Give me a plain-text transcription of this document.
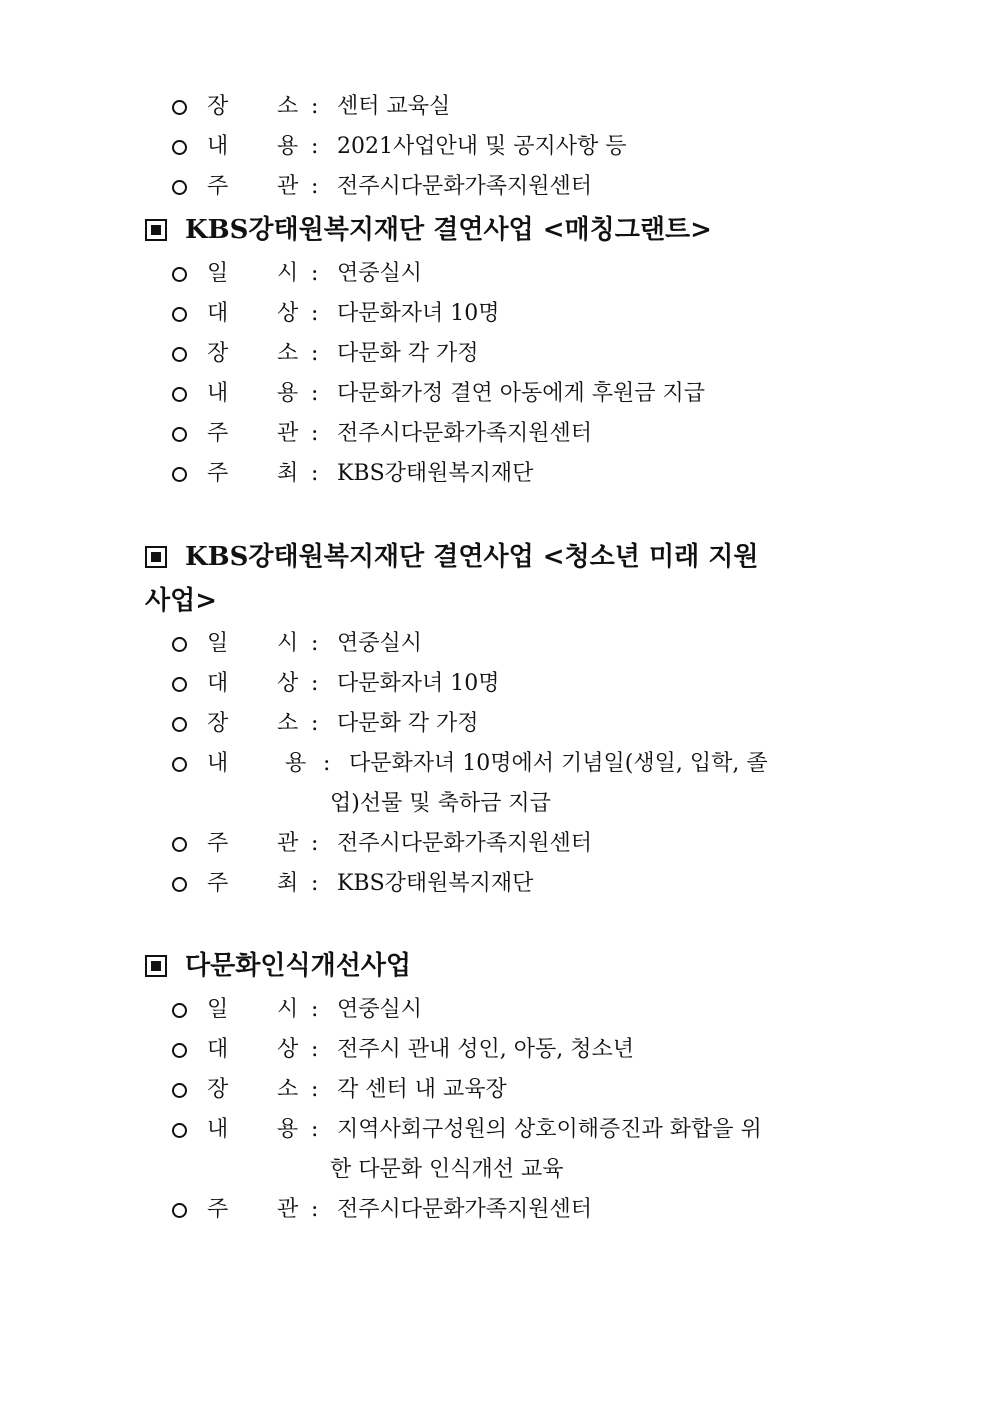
장	소 : 센터 교육실
내	용 : 2021사업안내 및 공지사항 등
주	관 : 전주시다문화가족지원센터
KBS강태원복지재단 결연사업 <매칭그랜트>
일	시 : 연중실시
대	상 : 다문화자녀 10명
장	소 : 다문화 각 가정
내	용 : 다문화가정 결연 아동에게 후원금 지급
주	관 : 전주시다문화가족지원센터
주	최 : KBS강태원복지재단
KBS강태원복지재단 결연사업 <청소년 미래 지원
사업>
일	시 : 연중실시
대	상 : 다문화자녀 10명
장	소 : 다문화 각 가정
내	용 : 다문화자녀 10명에서 기념일(생일, 입학, 졸
업)선물 및 축하금 지급
주	관 : 전주시다문화가족지원센터
주	최 : KBS강태원복지재단
다문화인식개선사업
일	시 : 연중실시
대	상 : 전주시 관내 성인, 아동, 청소년
장	소 : 각 센터 내 교육장
내	용 : 지역사회구성원의 상호이해증진과 화합을 위
한 다문화 인식개선 교육
주	관 : 전주시다문화가족지원센터
